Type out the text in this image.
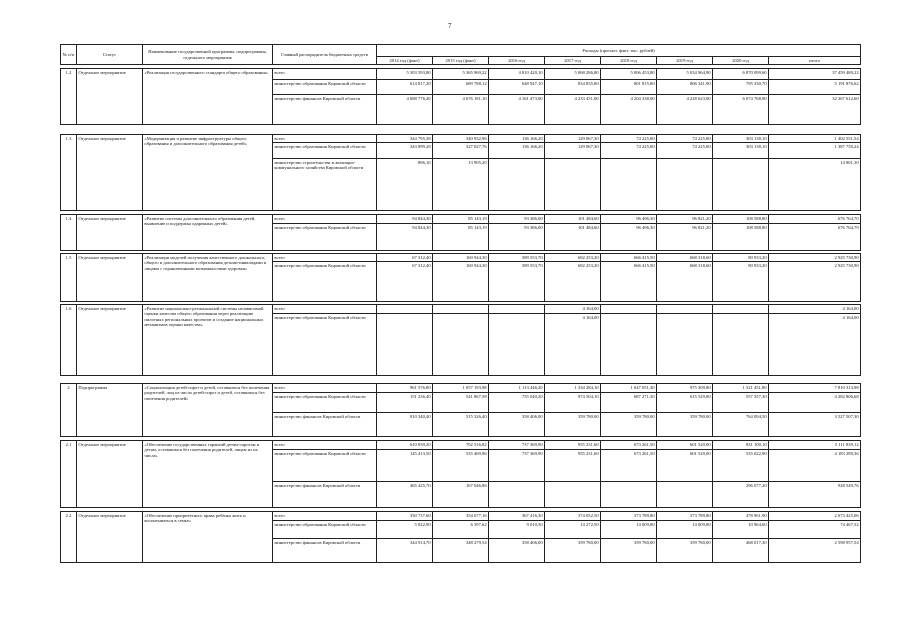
7
№ п/п	Статус	Наименование государственной программы, подпрограммы, отдельного мероприятия	Главный распорядитель бюджетных средств	Расходы (прогноз, факт, тыс. рублей)							
				2014 год (факт)	2015 год (факт)	2016 год	2017 год	2018 год	2019 год	2020 год	итого

1.2	Отдельное мероприятие	«Реализация государственного стандарта общего образования»	всего	5 303 593,80	5 365 969,22	4 810 420,10	5 068 286,80	5 006 453,80	5 034 964,90	6 870 099,60	37 459 489,22
			министерство образования Кировской области	614 817,20	689 788,12	648 947,10	834 835,80	801 815,80	806 341,90	795 330,70	5 191 876,62
			министерство финансов Кировской области	4 688 776,20	4 676 181,10	4 161 473,00	4 233 451,00	4 204 338,00	4 228 623,00	6 074 768,90	32 267 612,60

1.3	Отдельное мероприятие	«Модернизация и развитие инфраструктуры общего образования и дополнительного образования детей»	всего	344 795,38	340 932,96	136 166,20	129 067,30	74 225,80	74 225,80	303 138,10	1 402 551,54
			министерство образования Кировской области	343 899,28	327 027,76	136 166,20	129 067,30	74 225,80	74 225,80	303 138,10	1 387 750,24
			министерство строительства и жилищно-коммунального хозяйства Кировской области	896,10	13 905,20						14 801,30

1.4	Отдельное мероприятие	«Развитие системы дополнительного образования детей, выявление и поддержка одаренных детей»	всего	94 844,30	85 143,19	93 386,00	101 484,60	96 496,30	96 821,20	108 588,80	676 764,70
			министерство образования Кировской области	94 844,30	85 143,19	93 386,00	101 484,60	96 496,30	96 821,20	108 588,80	676 764,79

1.5	Отдельное мероприятие	«Реализация моделей получения качественного дошкольного, общего и дополнительного образования детьми-инвалидами и лицами с ограниченными возможностями здоровья»	всего	67 312,40	160 944,30	589 553,70	692 253,20	666 415,50	668 318,60	80 933,20	2 925 730,90
			министерство образования Кировской области	67 312,40	160 944,30	589 553,70	692 253,20	666 415,50	668 318,60	80 933,20	2 925 730,90

1.6	Отдельное мероприятие	«Развитие национально-региональной системы независимой оценки качества общего образования через реализацию пилотных региональных проектов и создание национальных механизмов оценки качества»	всего				4 164,00				4 164,00
			министерство образования Кировской области				4 164,00				4 164,00

2	Подпрограмма	«Социализация детей-сирот и детей, оставшихся без попечения родителей, лиц из числа детей-сирот и детей, оставшихся без попечения родителей»	всего	961 576,80	1 057 193,98	1 113 446,20	1 334 284,10	1 047 051,30	975 309,80	1 321 451,80	7 810 313,98
			министерство образования Кировской области	151 236,40	541 867,58	755 040,20	974 504,10	687 271,30	615 529,80	557 357,30	4 282 806,68
			министерство финансов Кировской области	810 340,40	515 326,40	358 406,00	359 780,00	359 780,00	359 780,00	764 094,50	3 527 507,30

2.1	Отдельное мероприятие	«Обеспечение государственных гарантий детям-сиротам и детям, оставшимся без попечения родителей, лицам из их числа»	всего	610 839,20	702 516,82	737 369,90	955 231,60	673 261,50	601 520,00	831 100,10	5 111 839,12
			министерство образования Кировской области	145 413,50	535 469,96	737 369,90	955 231,60	673 261,50	601 520,00	535 022,90	4 183 289,36
			министерство финансов Кировской области	465 425,70	167 046,86					296 077,20	928 549,76

2.2	Отдельное мероприятие	«Обеспечение приоритетного права ребёнка жить и воспитываться в семье»	всего	350 737,60	354 677,16	367 416,30	374 052,50	373 789,80	373 789,80	478 961,90	2 673 425,06
			министерство образования Кировской области	5 822,90	6 397,62	9 010,30	14 272,50	14 009,80	14 009,80	10 964,60	74 467,52
			министерство финансов Кировской области	344 914,70	348 279,54	358 406,00	359 780,00	359 780,00	359 780,00	468 017,30	2 598 957,54
